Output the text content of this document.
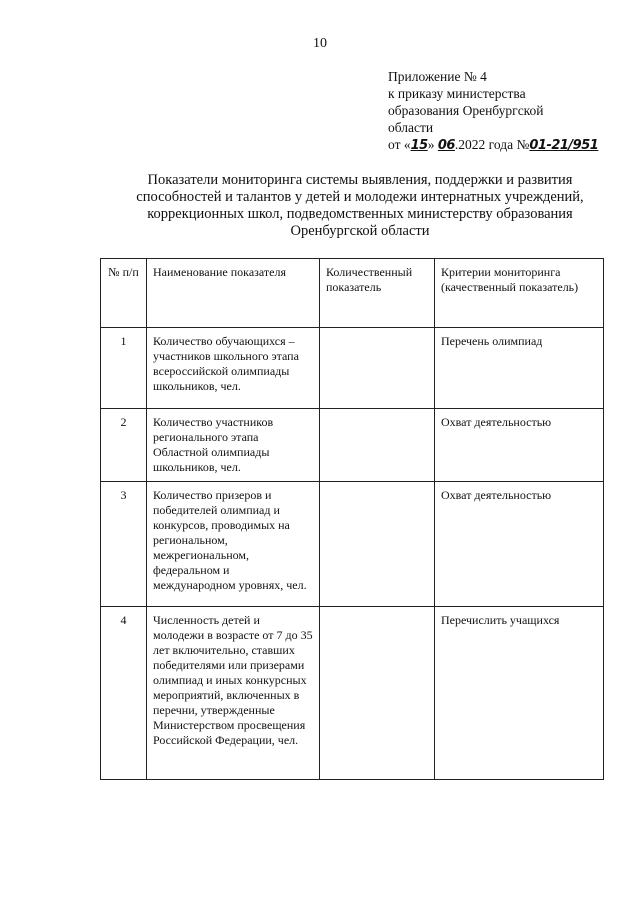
10
Приложение № 4
к приказу министерства
образования Оренбургской
области
от «15» 06.2022 года №01-21/951
Показатели мониторинга системы выявления, поддержки и развития
способностей и талантов у детей и молодежи интернатных учреждений,
коррекционных школ, подведомственных министерству образования
Оренбургской области
№ п/п	Наименование показателя	Количественный показатель	Критерии мониторинга (качественный показатель)
1	Количество обучающихся – участников школьного этапа всероссийской олимпиады школьников, чел.		Перечень олимпиад
2	Количество участников регионального этапа Областной олимпиады школьников, чел.		Охват деятельностью
3	Количество призеров и победителей олимпиад и конкурсов, проводимых на региональном, межрегиональном, федеральном и международном уровнях, чел.		Охват деятельностью
4	Численность детей и молодежи в возрасте от 7 до 35 лет включительно, ставших победителями или призерами олимпиад и иных конкурсных мероприятий, включенных в перечни, утвержденные Министерством просвещения Российской Федерации, чел.		Перечислить учащихся
